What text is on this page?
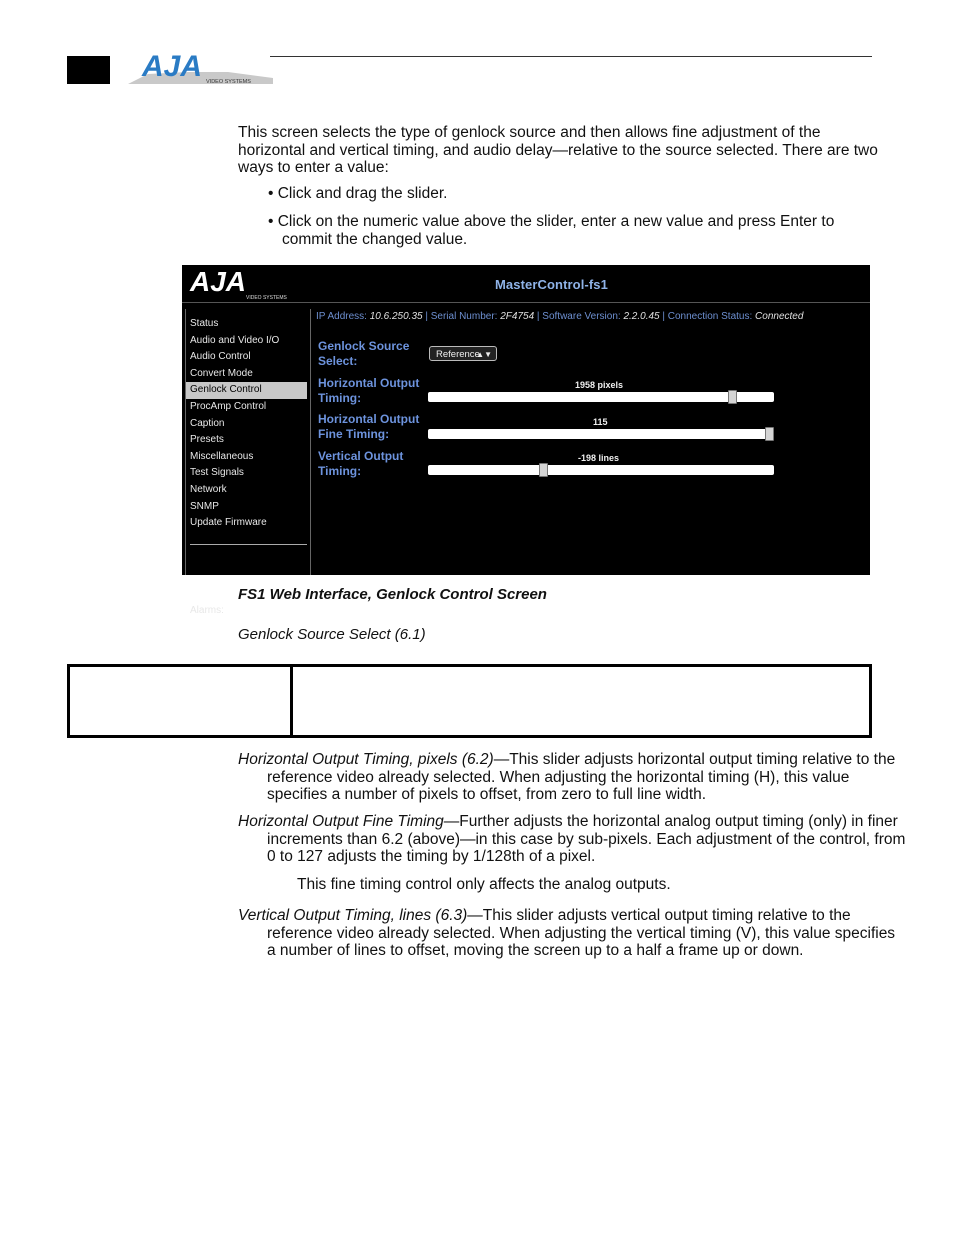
AJA VIDEO SYSTEMS
This screen selects the type of genlock source and then allows fine adjustment of the horizontal and vertical timing, and audio delay—relative to the source selected. There are two ways to enter a value:
• Click and drag the slider.
• Click on the numeric value above the slider, enter a new value and press Enter to
commit the changed value.
AJA
VIDEO SYSTEMS
MasterControl-fs1
Status
Audio and Video I/O
Audio Control
Convert Mode
Genlock Control
ProcAmp Control
Caption
Presets
Miscellaneous
Test Signals
Network
SNMP
Update Firmware
Alarms:
IP Address: 10.6.250.35 | Serial Number: 2F4754 | Software Version: 2.2.0.45 | Connection Status: Connected
Genlock Source
Select:	Reference
▲▼
Horizontal Output
Timing:
1958 pixels
Horizontal Output
Fine Timing:
115
Vertical Output
Timing:
-198 lines
FS1 Web Interface, Genlock Control Screen
Genlock Source Select (6.1)
Horizontal Output Timing, pixels (6.2)—This slider adjusts horizontal output timing relative to the reference video already selected. When adjusting the horizontal timing (H), this value specifies a number of pixels to offset, from zero to full line width.
Horizontal Output Fine Timing—Further adjusts the horizontal analog output timing (only) in finer increments than 6.2 (above)—in this case by sub-pixels. Each adjustment of the control, from 0 to 127 adjusts the timing by 1/128th of a pixel.
This fine timing control only affects the analog outputs.
Vertical Output Timing, lines (6.3)—This slider adjusts vertical output timing relative to the reference video already selected. When adjusting the vertical timing (V), this value specifies a number of lines to offset, moving the screen up to a half a frame up or down.
